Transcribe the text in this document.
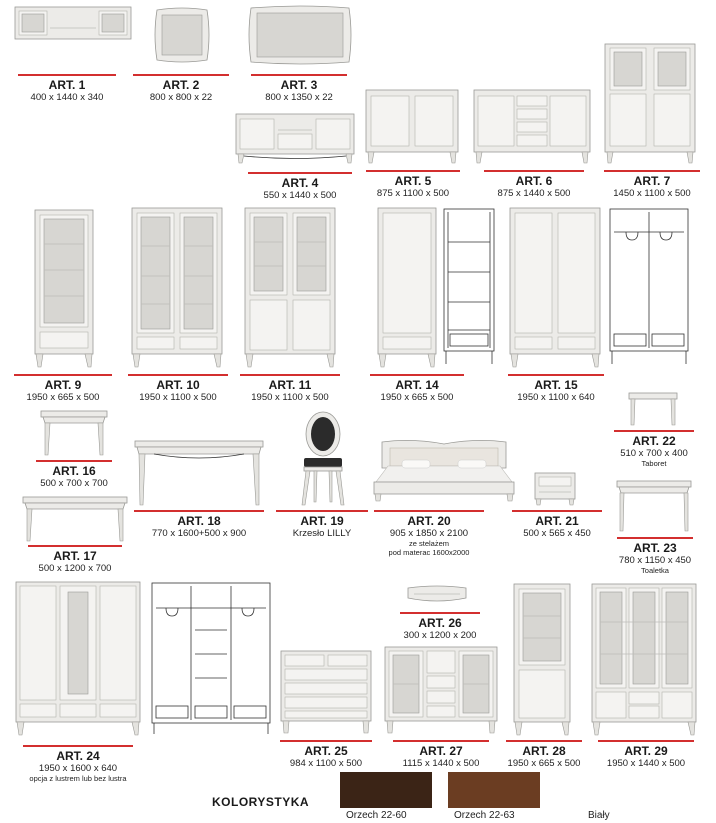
ART. 1
400 x 1440 x 340
ART. 2
800 x 800 x 22
ART. 3
800 x 1350 x 22
ART. 4
550 x 1440 x 500
ART. 5
875 x 1100 x 500
ART. 6
875 x 1440 x 500
ART. 7
1450 x 1100 x 500
ART. 9
1950 x 665 x 500
ART. 10
1950 x 1100 x 500
ART. 11
1950 x 1100 x 500
ART. 14
1950 x 665 x 500
ART. 15
1950 x 1100 x 640
ART. 16
500 x 700 x 700
ART. 17
500 x 1200 x 700
ART. 18
770 x 1600+500 x 900
ART. 19
Krzesło LILLY
ART. 20
905 x 1850 x 2100
ze stelażem
pod materac 1600x2000
ART. 21
500 x 565 x 450
ART. 22
510 x 700 x 400
Taboret
ART. 23
780 x 1150 x 450
Toaletka
ART. 24
1950 x 1600 x 640
opcja z lustrem lub bez lustra
ART. 25
984 x 1100 x 500
ART. 26
300 x 1200 x 200
ART. 27
1115 x 1440 x 500
ART. 28
1950 x 665 x 500
ART. 29
1950 x 1440 x 500
KOLORYSTYKA
Orzech 22-60	Orzech 22-63	Biały
